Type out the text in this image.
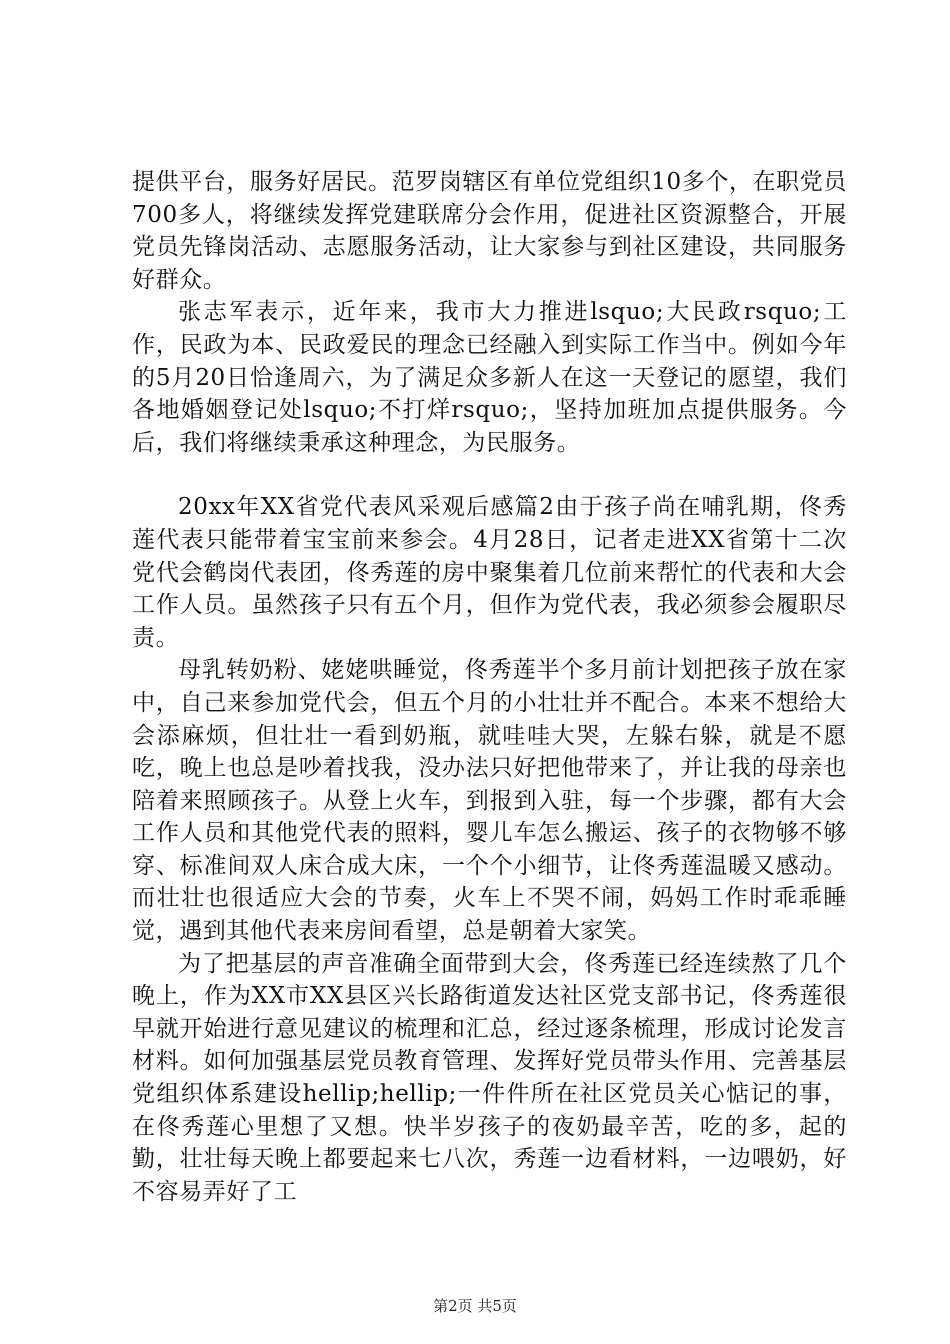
提供平台，服务好居民。范罗岗辖区有单位党组织10多个，在职党员700多人，将继续发挥党建联席分会作用，促进社区资源整合，开展党员先锋岗活动、志愿服务活动，让大家参与到社区建设，共同服务好群众。

张志军表示，近年来，我市大力推进lsquo;大民政rsquo;工作，民政为本、民政爱民的理念已经融入到实际工作当中。例如今年的5月20日恰逢周六，为了满足众多新人在这一天登记的愿望，我们各地婚姻登记处lsquo;不打烊rsquo;，坚持加班加点提供服务。今后，我们将继续秉承这种理念，为民服务。

20xx年XX省党代表风采观后感篇2由于孩子尚在哺乳期，佟秀莲代表只能带着宝宝前来参会。4月28日，记者走进XX省第十二次党代会鹤岗代表团，佟秀莲的房中聚集着几位前来帮忙的代表和大会工作人员。虽然孩子只有五个月，但作为党代表，我必须参会履职尽责。

母乳转奶粉、姥姥哄睡觉，佟秀莲半个多月前计划把孩子放在家中，自己来参加党代会，但五个月的小壮壮并不配合。本来不想给大会添麻烦，但壮壮一看到奶瓶，就哇哇大哭，左躲右躲，就是不愿吃，晚上也总是吵着找我，没办法只好把他带来了，并让我的母亲也陪着来照顾孩子。从登上火车，到报到入驻，每一个步骤，都有大会工作人员和其他党代表的照料，婴儿车怎么搬运、孩子的衣物够不够穿、标准间双人床合成大床，一个个小细节，让佟秀莲温暖又感动。而壮壮也很适应大会的节奏，火车上不哭不闹，妈妈工作时乖乖睡觉，遇到其他代表来房间看望，总是朝着大家笑。

为了把基层的声音准确全面带到大会，佟秀莲已经连续熬了几个晚上，作为XX市XX县区兴长路街道发达社区党支部书记，佟秀莲很早就开始进行意见建议的梳理和汇总，经过逐条梳理，形成讨论发言材料。如何加强基层党员教育管理、发挥好党员带头作用、完善基层党组织体系建设hellip;hellip;一件件所在社区党员关心惦记的事，在佟秀莲心里想了又想。快半岁孩子的夜奶最辛苦，吃的多，起的勤，壮壮每天晚上都要起来七八次，秀莲一边看材料，一边喂奶，好不容易弄好了工

第2页 共5页
